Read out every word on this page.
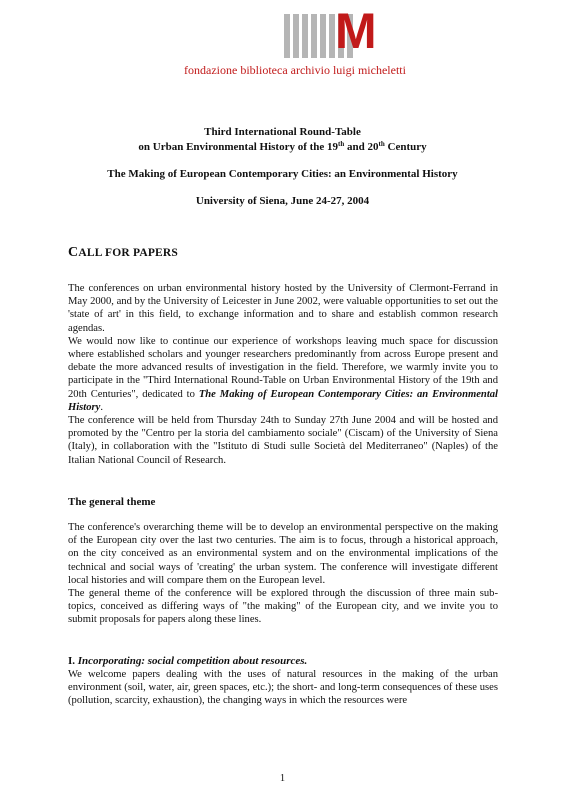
M
fondazione biblioteca archivio luigi micheletti
Third International Round-Table
on Urban Environmental History of the 19th and 20th Century
The Making of European Contemporary Cities: an Environmental History
University of Siena, June 24-27, 2004
CALL FOR PAPERS

The conferences on urban environmental history hosted by the University of Clermont-Ferrand in May 2000, and by the University of Leicester in June 2002, were valuable opportunities to set out the 'state of art' in this field, to exchange information and to share and establish common research agendas.

We would now like to continue our experience of workshops leaving much space for discussion where established scholars and younger researchers predominantly from across Europe present and debate the more advanced results of investigation in the field. Therefore, we warmly invite you to participate in the "Third International Round-Table on Urban Environmental History of the 19th and 20th Centuries", dedicated to The Making of European Contemporary Cities: an Environmental History.

The conference will be held from Thursday 24th to Sunday 27th June 2004 and will be hosted and promoted by the "Centro per la storia del cambiamento sociale" (Ciscam) of the University of Siena (Italy), in collaboration with the "Istituto di Studi sulle Società del Mediterraneo" (Naples) of the Italian National Council of Research.

The general theme

The conference's overarching theme will be to develop an environmental perspective on the making of the European city over the last two centuries. The aim is to focus, through a historical approach, on the city conceived as an environmental system and on the environmental implications of the technical and social ways of 'creating' the urban system. The conference will investigate different local histories and will compare them on the European level.

The general theme of the conference will be explored through the discussion of three main sub-topics, conceived as differing ways of "the making" of the European city, and we invite you to submit proposals for papers along these lines.

I. Incorporating: social competition about resources.
We welcome papers dealing with the uses of natural resources in the making of the urban environment (soil, water, air, green spaces, etc.); the short- and long-term consequences of these uses (pollution, scarcity, exhaustion), the changing ways in which the resources were
1
